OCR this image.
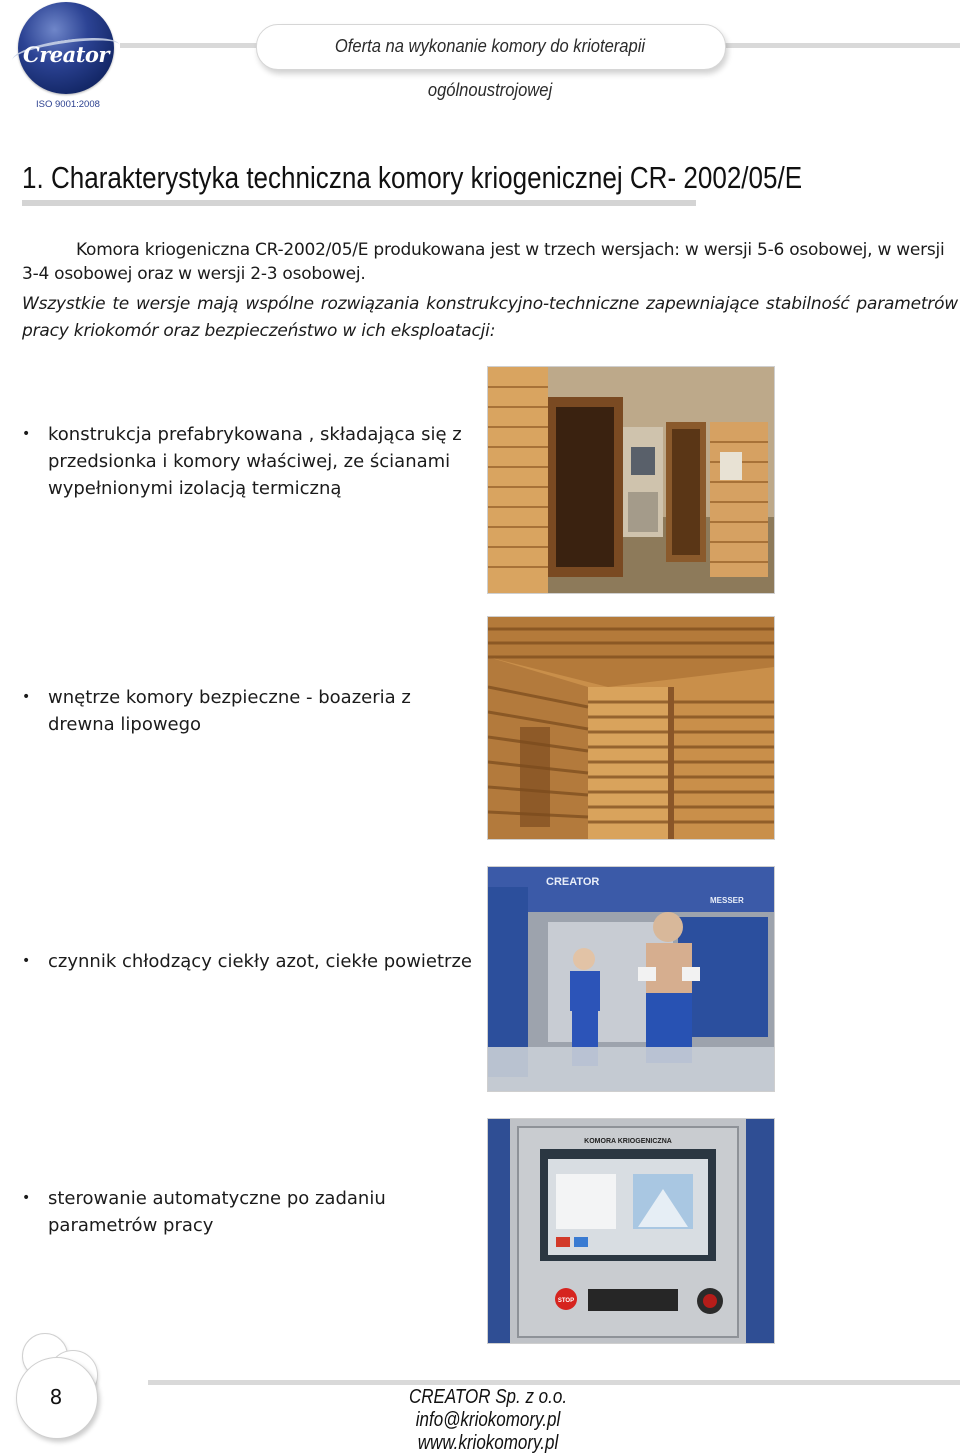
Creator
ISO 9001:2008
Oferta na wykonanie komory do krioterapii ogólnoustrojowej
1. Charakterystyka techniczna komory kriogenicznej CR- 2002/05/E
Komora kriogeniczna CR-2002/05/E produkowana jest w trzech wersjach: w wersji 5-6 osobowej, w wersji 3-4 osobowej oraz w wersji 2-3 osobowej.
Wszystkie te wersje mają wspólne rozwiązania konstrukcyjno-techniczne zapewniające stabilność parametrów pracy kriokomór oraz bezpieczeństwo w ich eksploatacji:
• konstrukcja prefabrykowana , składająca się z przedsionka i komory właściwej, ze ścianami wypełnionymi izolacją termiczną
• wnętrze komory bezpieczne - boazeria z drewna lipowego
• czynnik chłodzący ciekły azot, ciekłe powietrze
• sterowanie automatyczne po zadaniu parametrów pracy
CREATOR
MESSER
KOMORA KRIOGENICZNA
STOP
8	CREATOR Sp. z o.o.
info@kriokomory.pl
www.kriokomory.pl
